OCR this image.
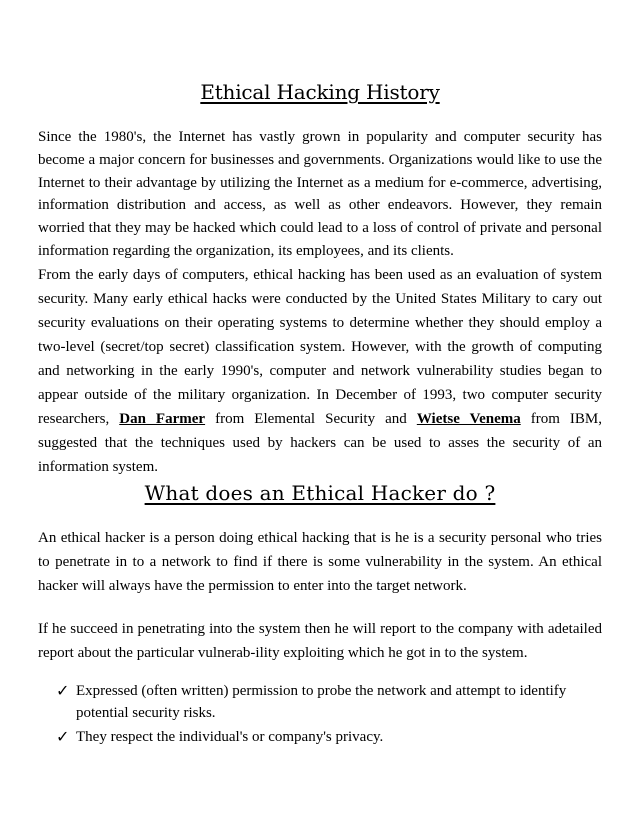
Ethical Hacking History

Since the 1980's, the Internet has vastly grown in popularity and computer security has become a major concern for businesses and governments. Organizations would like to use the Internet to their advantage by utilizing the Internet as a medium for e-commerce, advertising, information distribution and access, as well as other endeavors. However, they remain worried that they may be hacked which could lead to a loss of control of private and personal information regarding the organization, its employees, and its clients.

From the early days of computers, ethical hacking has been used as an evaluation of system security. Many early ethical hacks were conducted by the United States Military to cary out security evaluations on their operating systems to determine whether they should employ a two-level (secret/top secret) classification system. However, with the growth of computing and networking in the early 1990's, computer and network vulnerability studies began to appear outside of the military organization. In December of 1993, two computer security researchers, Dan Farmer from Elemental Security and Wietse Venema from IBM, suggested that the techniques used by hackers can be used to asses the security of an information system.

What does an Ethical Hacker do ?

An ethical hacker is a person doing ethical hacking that is he is a security personal who tries to penetrate in to a network to find if there is some vulnerability in the system. An ethical hacker will always have the permission to enter into the target network.

If he succeed in penetrating into the system then he will report to the company with adetailed report about the particular vulnerab-ility exploiting which he got in to the system.

✓ Expressed (often written) permission to probe the network and attempt to identify potential security risks.
✓ They respect the individual's or company's privacy.
